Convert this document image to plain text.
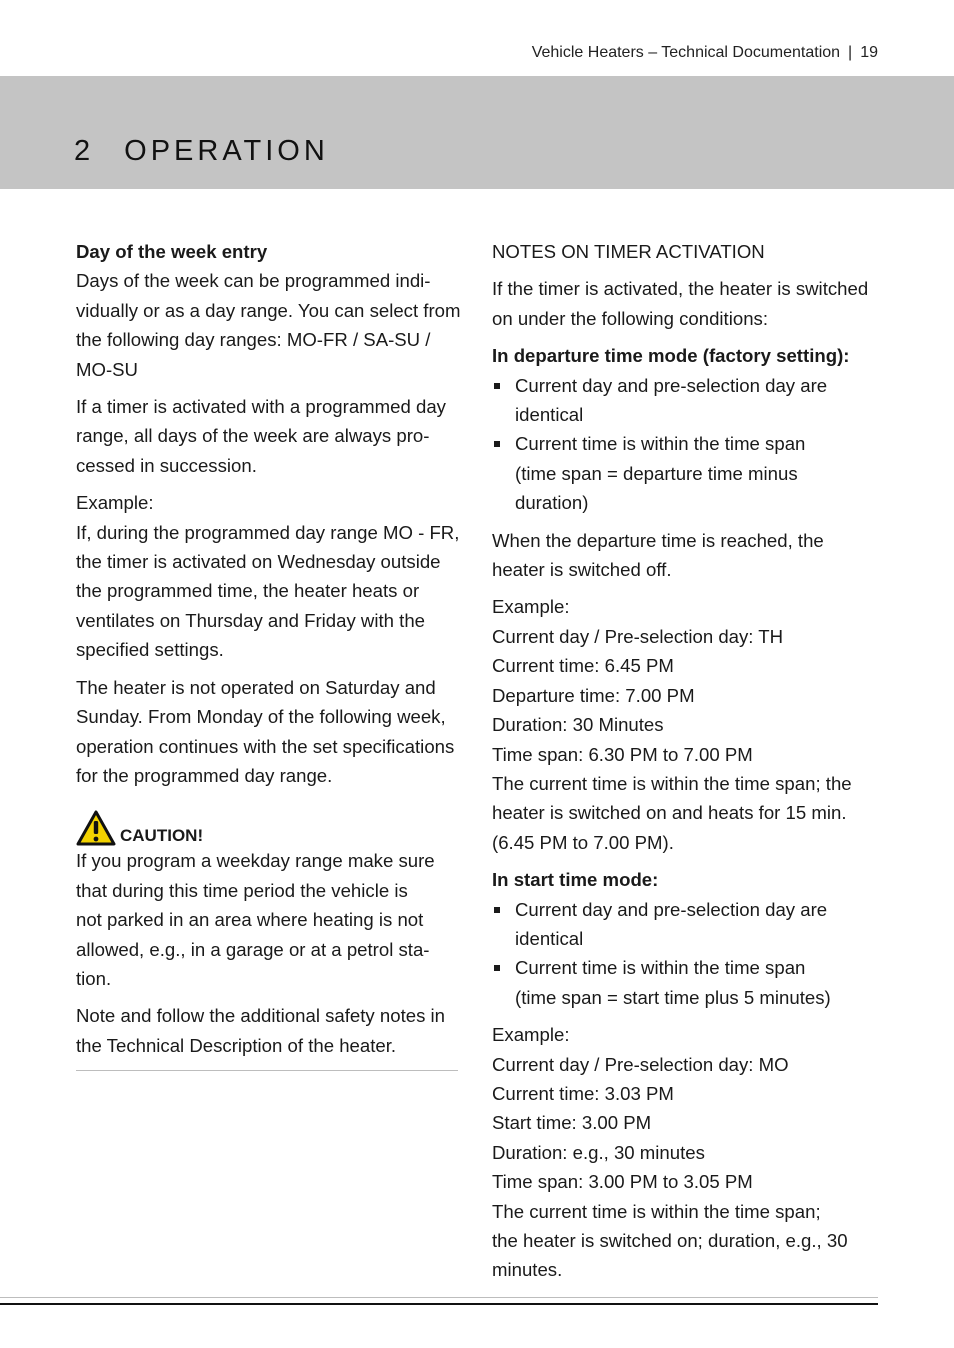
Vehicle Heaters – Technical Documentation | 19
2 OPERATION

Day of the week entry

Days of the week can be programmed indi-
vidually or as a day range. You can select from
the following day ranges: MO-FR / SA-SU /
MO-SU

If a timer is activated with a programmed day
range, all days of the week are always pro-
cessed in succession.

Example:
If, during the programmed day range MO - FR,
the timer is activated on Wednesday outside
the programmed time, the heater heats or
ventilates on Thursday and Friday with the
specified settings.

The heater is not operated on Saturday and
Sunday. From Monday of the following week,
operation continues with the set specifications
for the programmed day range.

CAUTION!

If you program a weekday range make sure
that during this time period the vehicle is
not parked in an area where heating is not
allowed, e.g., in a garage or at a petrol sta-
tion.

Note and follow the additional safety notes in
the Technical Description of the heater.

NOTES ON TIMER ACTIVATION

If the timer is activated, the heater is switched
on under the following conditions:

In departure time mode (factory setting):

Current day and pre-selection day are
identical
Current time is within the time span
(time span = departure time minus
duration)

When the departure time is reached, the
heater is switched off.

Example:
Current day / Pre-selection day: TH
Current time: 6.45 PM
Departure time: 7.00 PM
Duration: 30 Minutes
Time span: 6.30 PM to 7.00 PM
The current time is within the time span; the
heater is switched on and heats for 15 min.
(6.45 PM to 7.00 PM).

In start time mode:

Current day and pre-selection day are
identical
Current time is within the time span
(time span = start time plus 5 minutes)

Example:
Current day / Pre-selection day: MO
Current time: 3.03 PM
Start time: 3.00 PM
Duration: e.g., 30 minutes
Time span: 3.00 PM to 3.05 PM
The current time is within the time span;
the heater is switched on; duration, e.g., 30
minutes.
